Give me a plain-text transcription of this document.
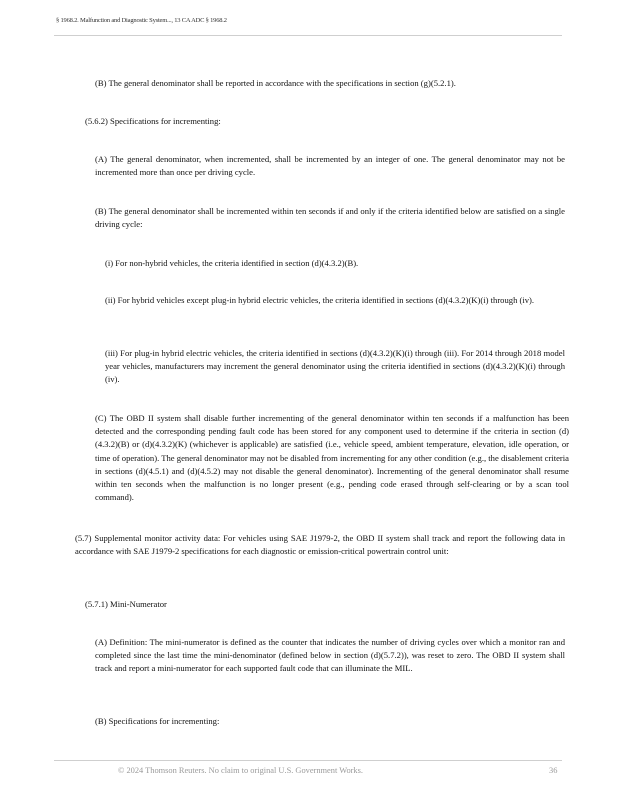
§ 1968.2. Malfunction and Diagnostic System..., 13 CA ADC § 1968.2

(B) The general denominator shall be reported in accordance with the specifications in section (g)(5.2.1).

(5.6.2) Specifications for incrementing:

(A) The general denominator, when incremented, shall be incremented by an integer of one. The general denominator may not be incremented more than once per driving cycle.

(B) The general denominator shall be incremented within ten seconds if and only if the criteria identified below are satisfied on a single driving cycle:

(i) For non-hybrid vehicles, the criteria identified in section (d)(4.3.2)(B).

(ii) For hybrid vehicles except plug-in hybrid electric vehicles, the criteria identified in sections (d)(4.3.2)(K)(i) through (iv).

(iii) For plug-in hybrid electric vehicles, the criteria identified in sections (d)(4.3.2)(K)(i) through (iii). For 2014 through 2018 model year vehicles, manufacturers may increment the general denominator using the criteria identified in sections (d)(4.3.2)(K)(i) through (iv).

(C) The OBD II system shall disable further incrementing of the general denominator within ten seconds if a malfunction has been detected and the corresponding pending fault code has been stored for any component used to determine if the criteria in section (d)(4.3.2)(B) or (d)(4.3.2)(K) (whichever is applicable) are satisfied (i.e., vehicle speed, ambient temperature, elevation, idle operation, or time of operation). The general denominator may not be disabled from incrementing for any other condition (e.g., the disablement criteria in sections (d)(4.5.1) and (d)(4.5.2) may not disable the general denominator). Incrementing of the general denominator shall resume within ten seconds when the malfunction is no longer present (e.g., pending code erased through self-clearing or by a scan tool command).

(5.7) Supplemental monitor activity data: For vehicles using SAE J1979-2, the OBD II system shall track and report the following data in accordance with SAE J1979-2 specifications for each diagnostic or emission-critical powertrain control unit:

(5.7.1) Mini-Numerator

(A) Definition: The mini-numerator is defined as the counter that indicates the number of driving cycles over which a monitor ran and completed since the last time the mini-denominator (defined below in section (d)(5.7.2)), was reset to zero. The OBD II system shall track and report a mini-numerator for each supported fault code that can illuminate the MIL.

(B) Specifications for incrementing:

© 2024 Thomson Reuters. No claim to original U.S. Government Works.	36
